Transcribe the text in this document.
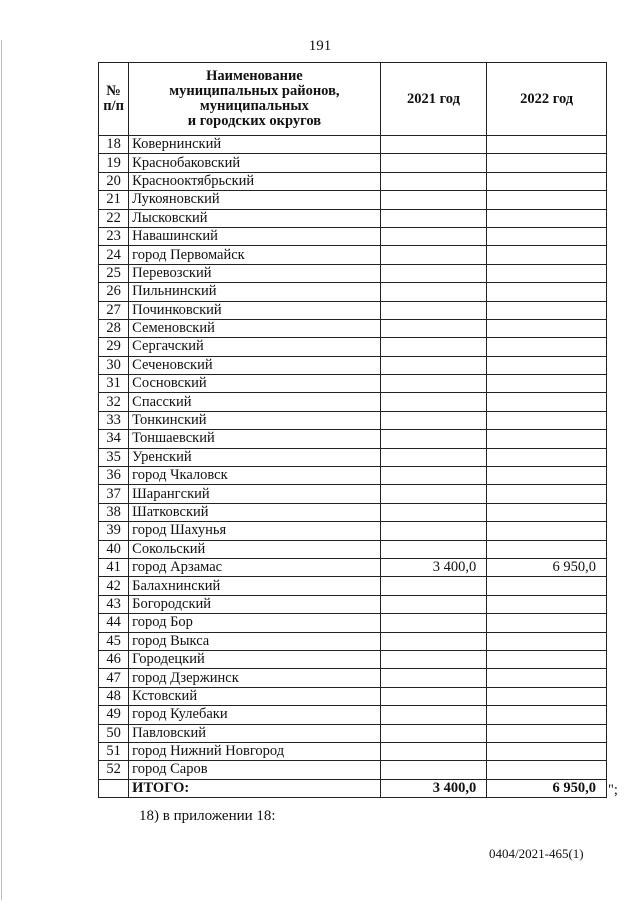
191
№
п/п	Наименование
муниципальных районов,
муниципальных
и городских округов	2021 год	2022 год
18	Ковернинский		
19	Краснобаковский		
20	Краснооктябрьский		
21	Лукояновский		
22	Лысковский		
23	Навашинский		
24	город Первомайск		
25	Перевозский		
26	Пильнинский		
27	Починковский		
28	Семеновский		
29	Сергачский		
30	Сеченовский		
31	Сосновский		
32	Спасский		
33	Тонкинский		
34	Тоншаевский		
35	Уренский		
36	город Чкаловск		
37	Шарангский		
38	Шатковский		
39	город Шахунья		
40	Сокольский		
41	город Арзамас	3 400,0	6 950,0
42	Балахнинский		
43	Богородский		
44	город Бор		
45	город Выкса		
46	Городецкий		
47	город Дзержинск		
48	Кстовский		
49	город Кулебаки		
50	Павловский		
51	город Нижний Новгород		
52	город Саров		
	ИТОГО:	3 400,0	6 950,0 ";
18) в приложении 18:
0404/2021-465(1)
